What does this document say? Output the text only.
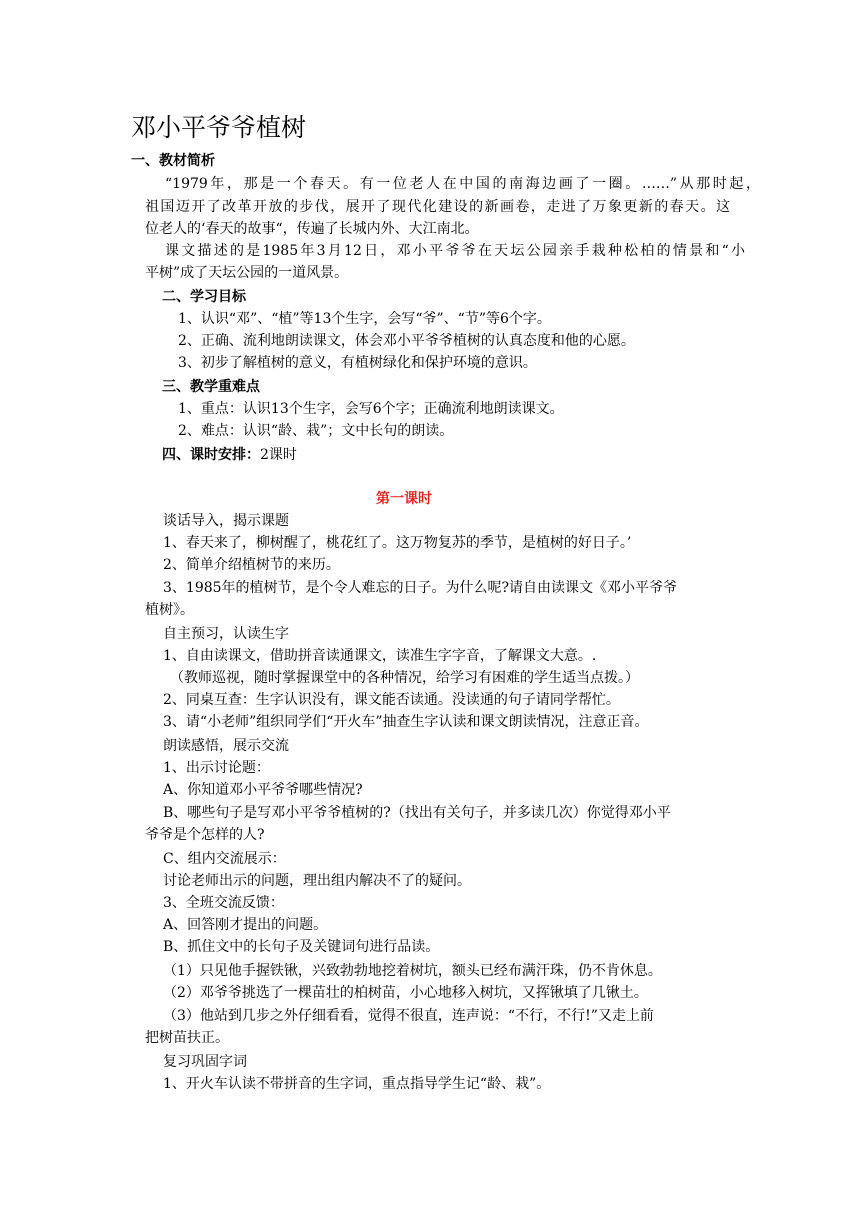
邓小平爷爷植树
一、教材简析
“1979年，那是一个春天。有一位老人在中国的南海边画了一圈。……”从那时起，
祖国迈开了改革开放的步伐，展开了现代化建设的新画卷，走进了万象更新的春天。这
位老人的‘春天的故事“，传遍了长城内外、大江南北。
课文描述的是1985年3月12日，邓小平爷爷在天坛公园亲手栽种松柏的情景和“小
平树”成了天坛公园的一道风景。
二、学习目标
1、认识“邓”、“植”等13个生字，会写“爷”、“节”等6个字。
2、正确、流利地朗读课文，体会邓小平爷爷植树的认真态度和他的心愿。
3、初步了解植树的意义，有植树绿化和保护环境的意识。
三、教学重难点
1、重点：认识13个生字，会写6个字；正确流利地朗读课文。
2、难点：认识“龄、栽”；文中长句的朗读。
四、课时安排：2课时
第一课时
谈话导入，揭示课题
1、春天来了，柳树醒了，桃花红了。这万物复苏的季节，是植树的好日子。’
2、简单介绍植树节的来历。
3、1985年的植树节，是个令人难忘的日子。为什么呢?请自由读课文《邓小平爷爷
植树》。
自主预习，认读生字
1、自由读课文，借助拼音读通课文，读准生字字音，了解课文大意。.
（教师巡视，随时掌握课堂中的各种情况，给学习有困难的学生适当点拨。）
2、同桌互查：生字认识没有，课文能否读通。没读通的句子请同学帮忙。
3、请“小老师”组织同学们“开火车”抽查生字认读和课文朗读情况，注意正音。
朗读感悟，展示交流
1、出示讨论题：
A、你知道邓小平爷爷哪些情况?
B、哪些句子是写邓小平爷爷植树的?（找出有关句子，并多读几次）你觉得邓小平
爷爷是个怎样的人?
C、组内交流展示：
讨论老师出示的问题，理出组内解决不了的疑问。
3、全班交流反馈：
A、回答刚才提出的问题。
B、抓住文中的长句子及关键词句进行品读。
（1）只见他手握铁锹，兴致勃勃地挖着树坑，额头已经布满汗珠，仍不肯休息。
（2）邓爷爷挑选了一棵苗壮的柏树苗，小心地移入树坑，又挥锹填了几锹土。
（3）他站到几步之外仔细看看，觉得不很直，连声说：“不行，不行!”又走上前
把树苗扶正。
复习巩固字词
1、开火车认读不带拼音的生字词，重点指导学生记“龄、栽”。
